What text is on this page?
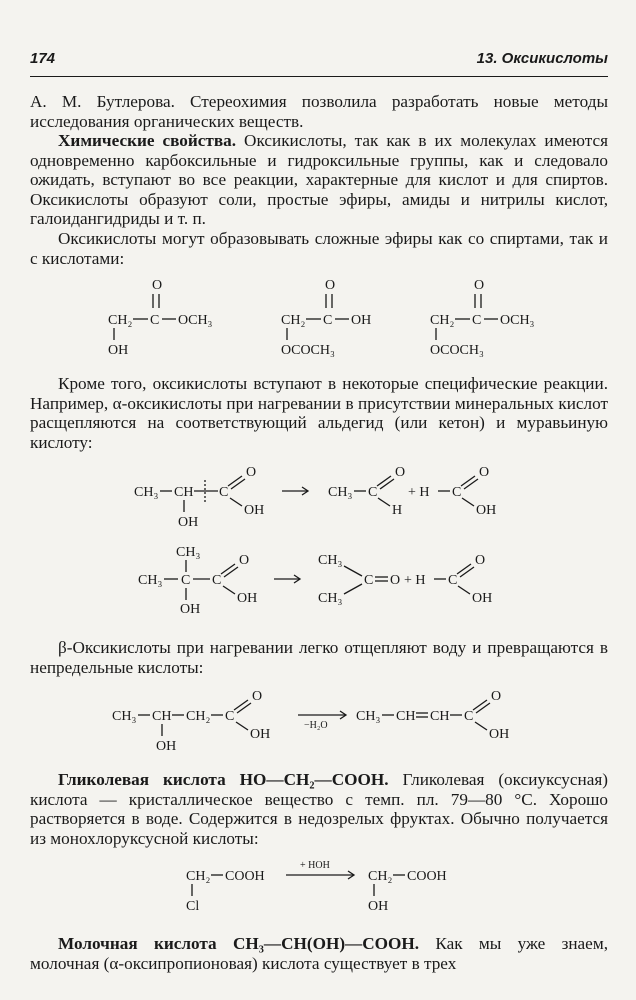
174	13. Оксикислоты

А. М. Бутлерова. Стереохимия позволила разработать новые методы исследования органических веществ.

Химические свойства. Оксикислоты, так как в их молекулах имеются одновременно карбоксильные и гидроксильные группы, как и следовало ожидать, вступают во все реакции, характерные для кислот и для спиртов. Оксикислоты образуют соли, простые эфиры, амиды и нитрилы кислот, галоидангидриды и т. п.

Оксикислоты могут образовывать сложные эфиры как со спиртами, так и с кислотами:

O
CH₂ C OCH₃
OH
O
CH₂ C OH
OCOCH₃
O
CH₂ C OCH₃
OCOCH₃

Кроме того, оксикислоты вступают в некоторые специфические реакции. Например, α-оксикислоты при нагревании в присутствии минеральных кислот расщепляются на соответствующий альдегид (или кетон) и муравьиную кислоту:

CH₃ CH C
O
OH
OH
CH₃ C
O
H
+ H C
O
OH
CH₃
CH₃ C C
O
OH
OH
CH₃
CH₃
C O + H C
O
OH

β-Оксикислоты при нагревании легко отщепляют воду и превращаются в непредельные кислоты:

CH₃ CH CH₂ C
O
OH
OH
−H₂O
CH₃ CH CH C
O
OH

Гликолевая кислота HO—CH₂—COOH. Гликолевая (оксиуксусная) кислота — кристаллическое вещество с темп. пл. 79—80 °С. Хорошо растворяется в воде. Содержится в недозрелых фруктах. Обычно получается из монохлоруксусной кислоты:

CH₂ COOH
Cl
+ HOH
CH₂ COOH
OH

Молочная кислота CH₃—CH(OH)—COOH. Как мы уже знаем, молочная (α-оксипропионовая) кислота существует в трех
